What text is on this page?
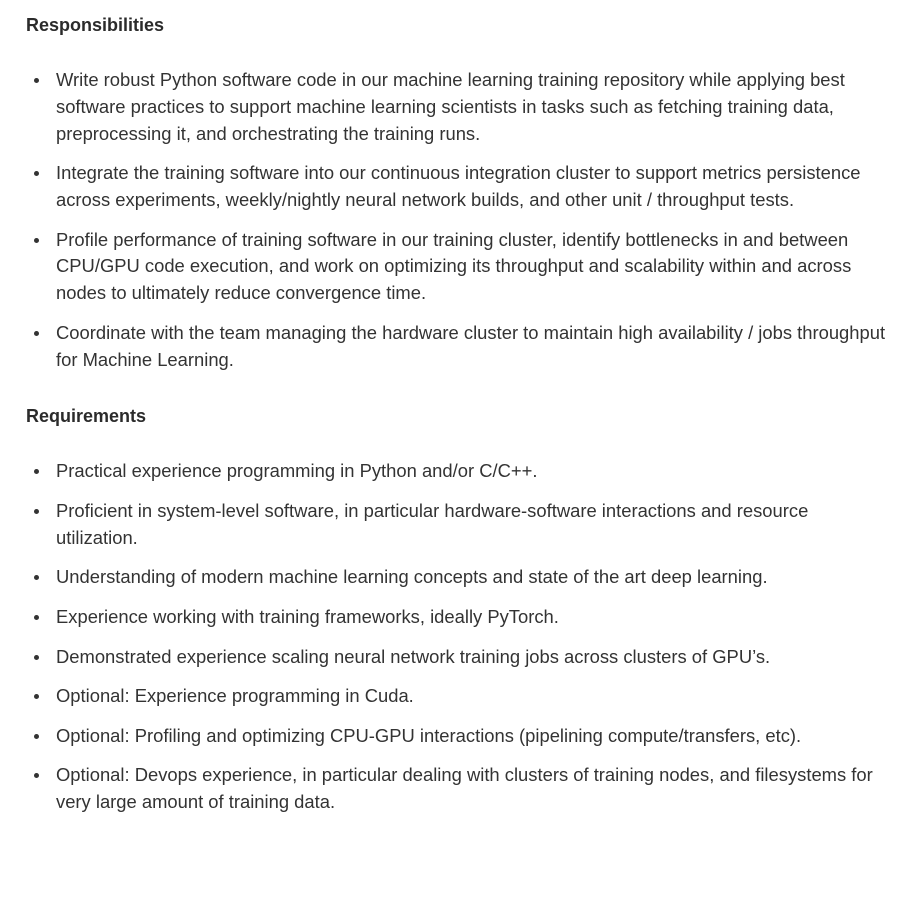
Responsibilities
Write robust Python software code in our machine learning training repository while applying best software practices to support machine learning scientists in tasks such as fetching training data, preprocessing it, and orchestrating the training runs.
Integrate the training software into our continuous integration cluster to support metrics persistence across experiments, weekly/nightly neural network builds, and other unit / throughput tests.
Profile performance of training software in our training cluster, identify bottlenecks in and between CPU/GPU code execution, and work on optimizing its throughput and scalability within and across nodes to ultimately reduce convergence time.
Coordinate with the team managing the hardware cluster to maintain high availability / jobs throughput for Machine Learning.
Requirements
Practical experience programming in Python and/or C/C++.
Proficient in system-level software, in particular hardware-software interactions and resource utilization.
Understanding of modern machine learning concepts and state of the art deep learning.
Experience working with training frameworks, ideally PyTorch.
Demonstrated experience scaling neural network training jobs across clusters of GPU’s.
Optional: Experience programming in Cuda.
Optional: Profiling and optimizing CPU-GPU interactions (pipelining compute/transfers, etc).
Optional: Devops experience, in particular dealing with clusters of training nodes, and filesystems for very large amount of training data.
